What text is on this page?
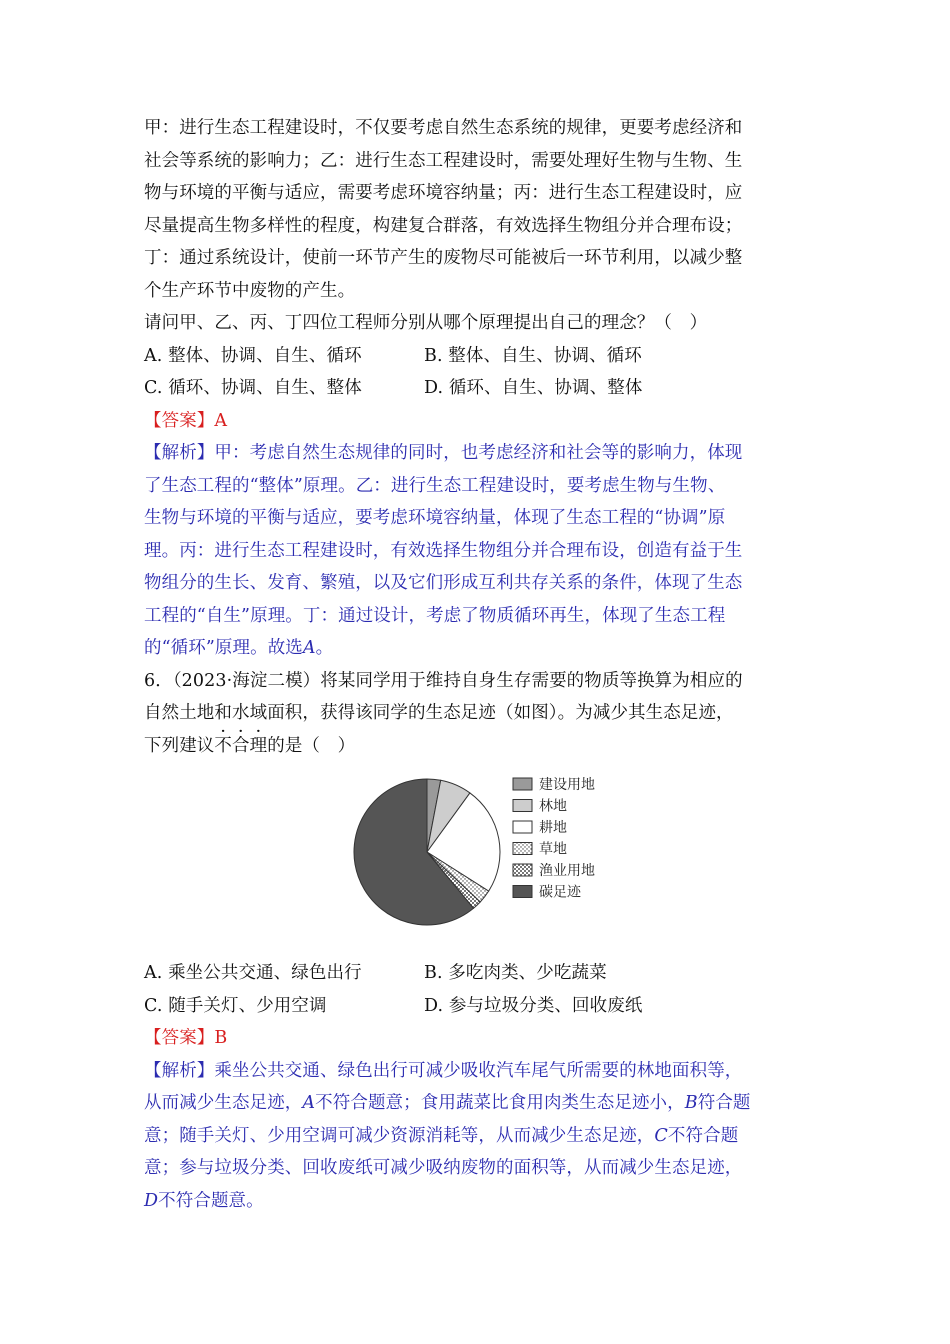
甲：进行生态工程建设时，不仅要考虑自然生态系统的规律，更要考虑经济和
社会等系统的影响力；乙：进行生态工程建设时，需要处理好生物与生物、生
物与环境的平衡与适应，需要考虑环境容纳量；丙：进行生态工程建设时，应
尽量提高生物多样性的程度，构建复合群落，有效选择生物组分并合理布设；
丁：通过系统设计，使前一环节产生的废物尽可能被后一环节利用，以减少整
个生产环节中废物的产生。
请问甲、乙、丙、丁四位工程师分别从哪个原理提出自己的理念？（　）
A. 整体、协调、自生、循环	B. 整体、自生、协调、循环
C. 循环、协调、自生、整体	D. 循环、自生、协调、整体
【答案】A
【解析】甲：考虑自然生态规律的同时，也考虑经济和社会等的影响力，体现
了生态工程的“整体”原理。乙：进行生态工程建设时，要考虑生物与生物、
生物与环境的平衡与适应，要考虑环境容纳量，体现了生态工程的“协调”原
理。丙：进行生态工程建设时，有效选择生物组分并合理布设，创造有益于生
物组分的生长、发育、繁殖，以及它们形成互利共存关系的条件，体现了生态
工程的“自生”原理。丁：通过设计，考虑了物质循环再生，体现了生态工程
的“循环”原理。故选A。
6．（2023·海淀二模）将某同学用于维持自身生存需要的物质等换算为相应的
自然土地和水域面积，获得该同学的生态足迹（如图）。为减少其生态足迹，
下列建议不合理的是（　）
建设用地
林地
耕地
草地
渔业用地
碳足迹
A. 乘坐公共交通、绿色出行	B. 多吃肉类、少吃蔬菜
C. 随手关灯、少用空调	D. 参与垃圾分类、回收废纸
【答案】B
【解析】乘坐公共交通、绿色出行可减少吸收汽车尾气所需要的林地面积等，
从而减少生态足迹，A不符合题意；食用蔬菜比食用肉类生态足迹小，B符合题
意；随手关灯、少用空调可减少资源消耗等，从而减少生态足迹，C不符合题
意；参与垃圾分类、回收废纸可减少吸纳废物的面积等，从而减少生态足迹，
D不符合题意。
